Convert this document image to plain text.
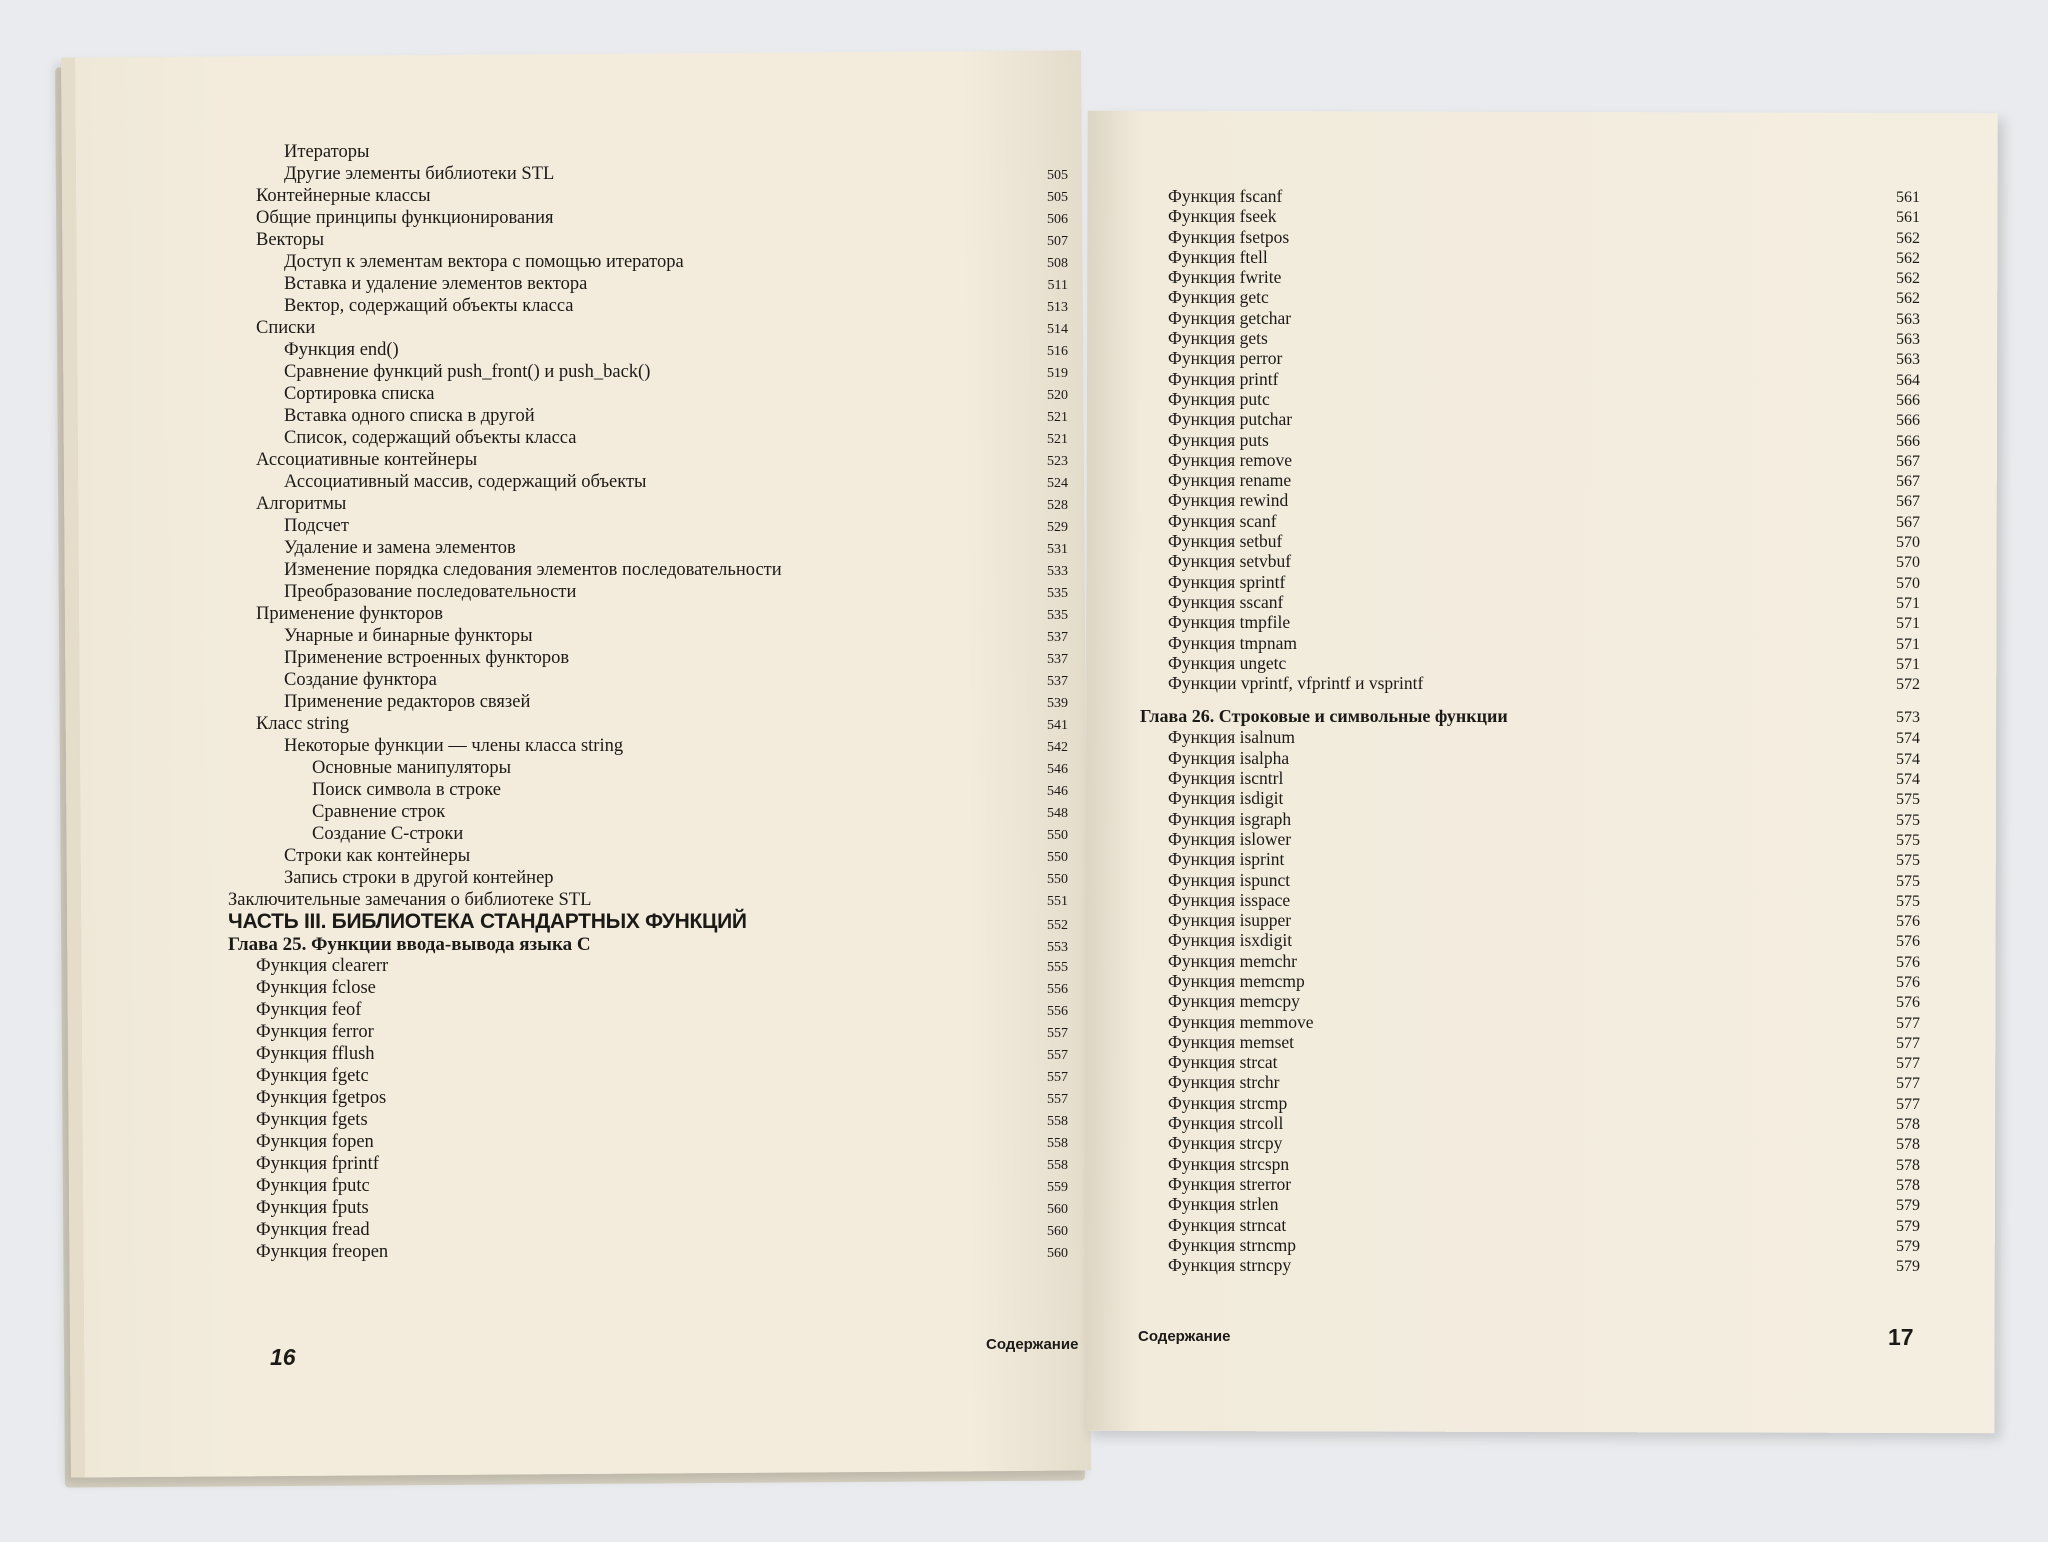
Итераторы
Другие элементы библиотеки STL	505
Контейнерные классы	505
Общие принципы функционирования	506
Векторы	507
Доступ к элементам вектора с помощью итератора	508
Вставка и удаление элементов вектора	511
Вектор, содержащий объекты класса	513
Списки	514
Функция end()	516
Сравнение функций push_front() и push_back()	519
Сортировка списка	520
Вставка одного списка в другой	521
Список, содержащий объекты класса	521
Ассоциативные контейнеры	523
Ассоциативный массив, содержащий объекты	524
Алгоритмы	528
Подсчет	529
Удаление и замена элементов	531
Изменение порядка следования элементов последовательности	533
Преобразование последовательности	535
Применение функторов	535
Унарные и бинарные функторы	537
Применение встроенных функторов	537
Создание функтора	537
Применение редакторов связей	539
Класс string	541
Некоторые функции — члены класса string	542
Основные манипуляторы	546
Поиск символа в строке	546
Сравнение строк	548
Создание C-строки	550
Строки как контейнеры	550
Запись строки в другой контейнер	550
Заключительные замечания о библиотеке STL	551
ЧАСТЬ III. БИБЛИОТЕКА СТАНДАРТНЫХ ФУНКЦИЙ	552
Глава 25. Функции ввода-вывода языка C	553
Функция clearerr	555
Функция fclose	556
Функция feof	556
Функция ferror	557
Функция fflush	557
Функция fgetc	557
Функция fgetpos	557
Функция fgets	558
Функция fopen	558
Функция fprintf	558
Функция fputc	559
Функция fputs	560
Функция fread	560
Функция freopen	560
Функция fscanf	561
Функция fseek	561
Функция fsetpos	562
Функция ftell	562
Функция fwrite	562
Функция getc	562
Функция getchar	563
Функция gets	563
Функция perror	563
Функция printf	564
Функция putc	566
Функция putchar	566
Функция puts	566
Функция remove	567
Функция rename	567
Функция rewind	567
Функция scanf	567
Функция setbuf	570
Функция setvbuf	570
Функция sprintf	570
Функция sscanf	571
Функция tmpfile	571
Функция tmpnam	571
Функция ungetc	571
Функции vprintf, vfprintf и vsprintf	572
Глава 26. Строковые и символьные функции	573
Функция isalnum	574
Функция isalpha	574
Функция iscntrl	574
Функция isdigit	575
Функция isgraph	575
Функция islower	575
Функция isprint	575
Функция ispunct	575
Функция isspace	575
Функция isupper	576
Функция isxdigit	576
Функция memchr	576
Функция memcmp	576
Функция memcpy	576
Функция memmove	577
Функция memset	577
Функция strcat	577
Функция strchr	577
Функция strcmp	577
Функция strcoll	578
Функция strcpy	578
Функция strcspn	578
Функция strerror	578
Функция strlen	579
Функция strncat	579
Функция strncmp	579
Функция strncpy	579
16	Содержание	Содержание	17
